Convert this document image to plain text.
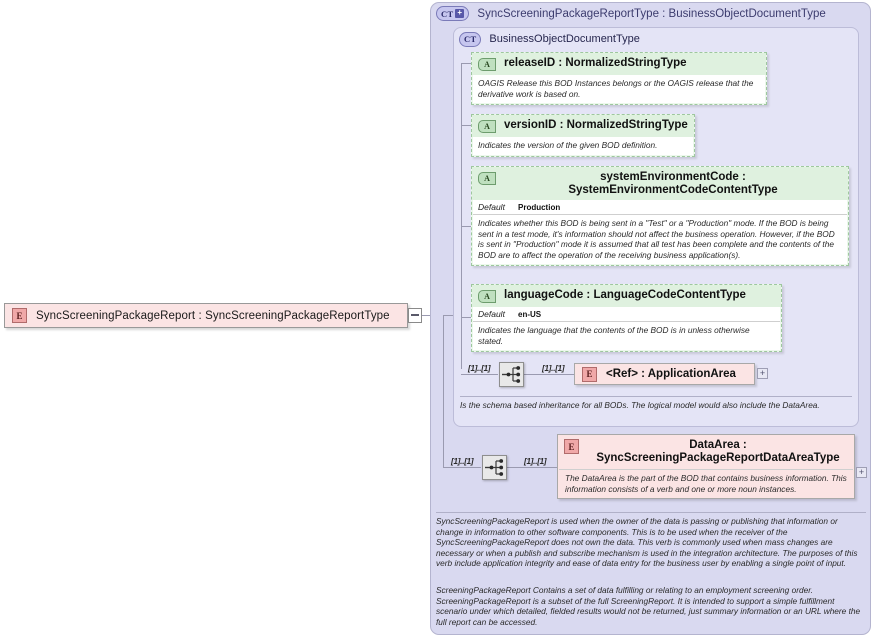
E	SyncScreeningPackageReport : SyncScreeningPackageReportType
CT + SyncScreeningPackageReportType : BusinessObjectDocumentType
CT BusinessObjectDocumentType
A	releaseID : NormalizedStringType
OAGIS Release this BOD Instances belongs or the OAGIS release that the derivative work is based on.
A	versionID : NormalizedStringType
Indicates the version of the given BOD definition.
A	systemEnvironmentCode : SystemEnvironmentCodeContentType
Default	Production
Indicates whether this BOD is being sent in a "Test" or a "Production" mode. If the BOD is being sent in a test mode, it's information should not affect the business operation. However, if the BOD is sent in "Production" mode it is assumed that all test has been complete and the contents of the BOD are to affect the operation of the receiving business application(s).
A	languageCode : LanguageCodeContentType
Default	en-US
Indicates the language that the contents of the BOD is in unless otherwise stated.
[1]..[1]	[1]..[1]
E	<Ref> : ApplicationArea	+
Is the schema based inheritance for all BODs. The logical model would also include the DataArea.
[1]..[1]	[1]..[1]
E	DataArea : SyncScreeningPackageReportDataAreaType
The DataArea is the part of the BOD that contains business information. This information consists of a verb and one or more noun instances.
+
SyncScreeningPackageReport is used when the owner of the data is passing or publishing that information or change in information to other software components. This is to be used when the receiver of the SyncScreeningPackageReport does not own the data. This verb is commonly used when mass changes are necessary or when a publish and subscribe mechanism is used in the integration architecture. The purposes of this verb include application integrity and ease of data entry for the business user by enabling a single point of input.
ScreeningPackageReport Contains a set of data fulfilling or relating to an employment screening order. ScreeningPackageReport is a subset of the full ScreeningReport. It is intended to support a simple fulfillment scenario under which detailed, fielded results would not be returned, just summary information or an URL where the full report can be accessed.
